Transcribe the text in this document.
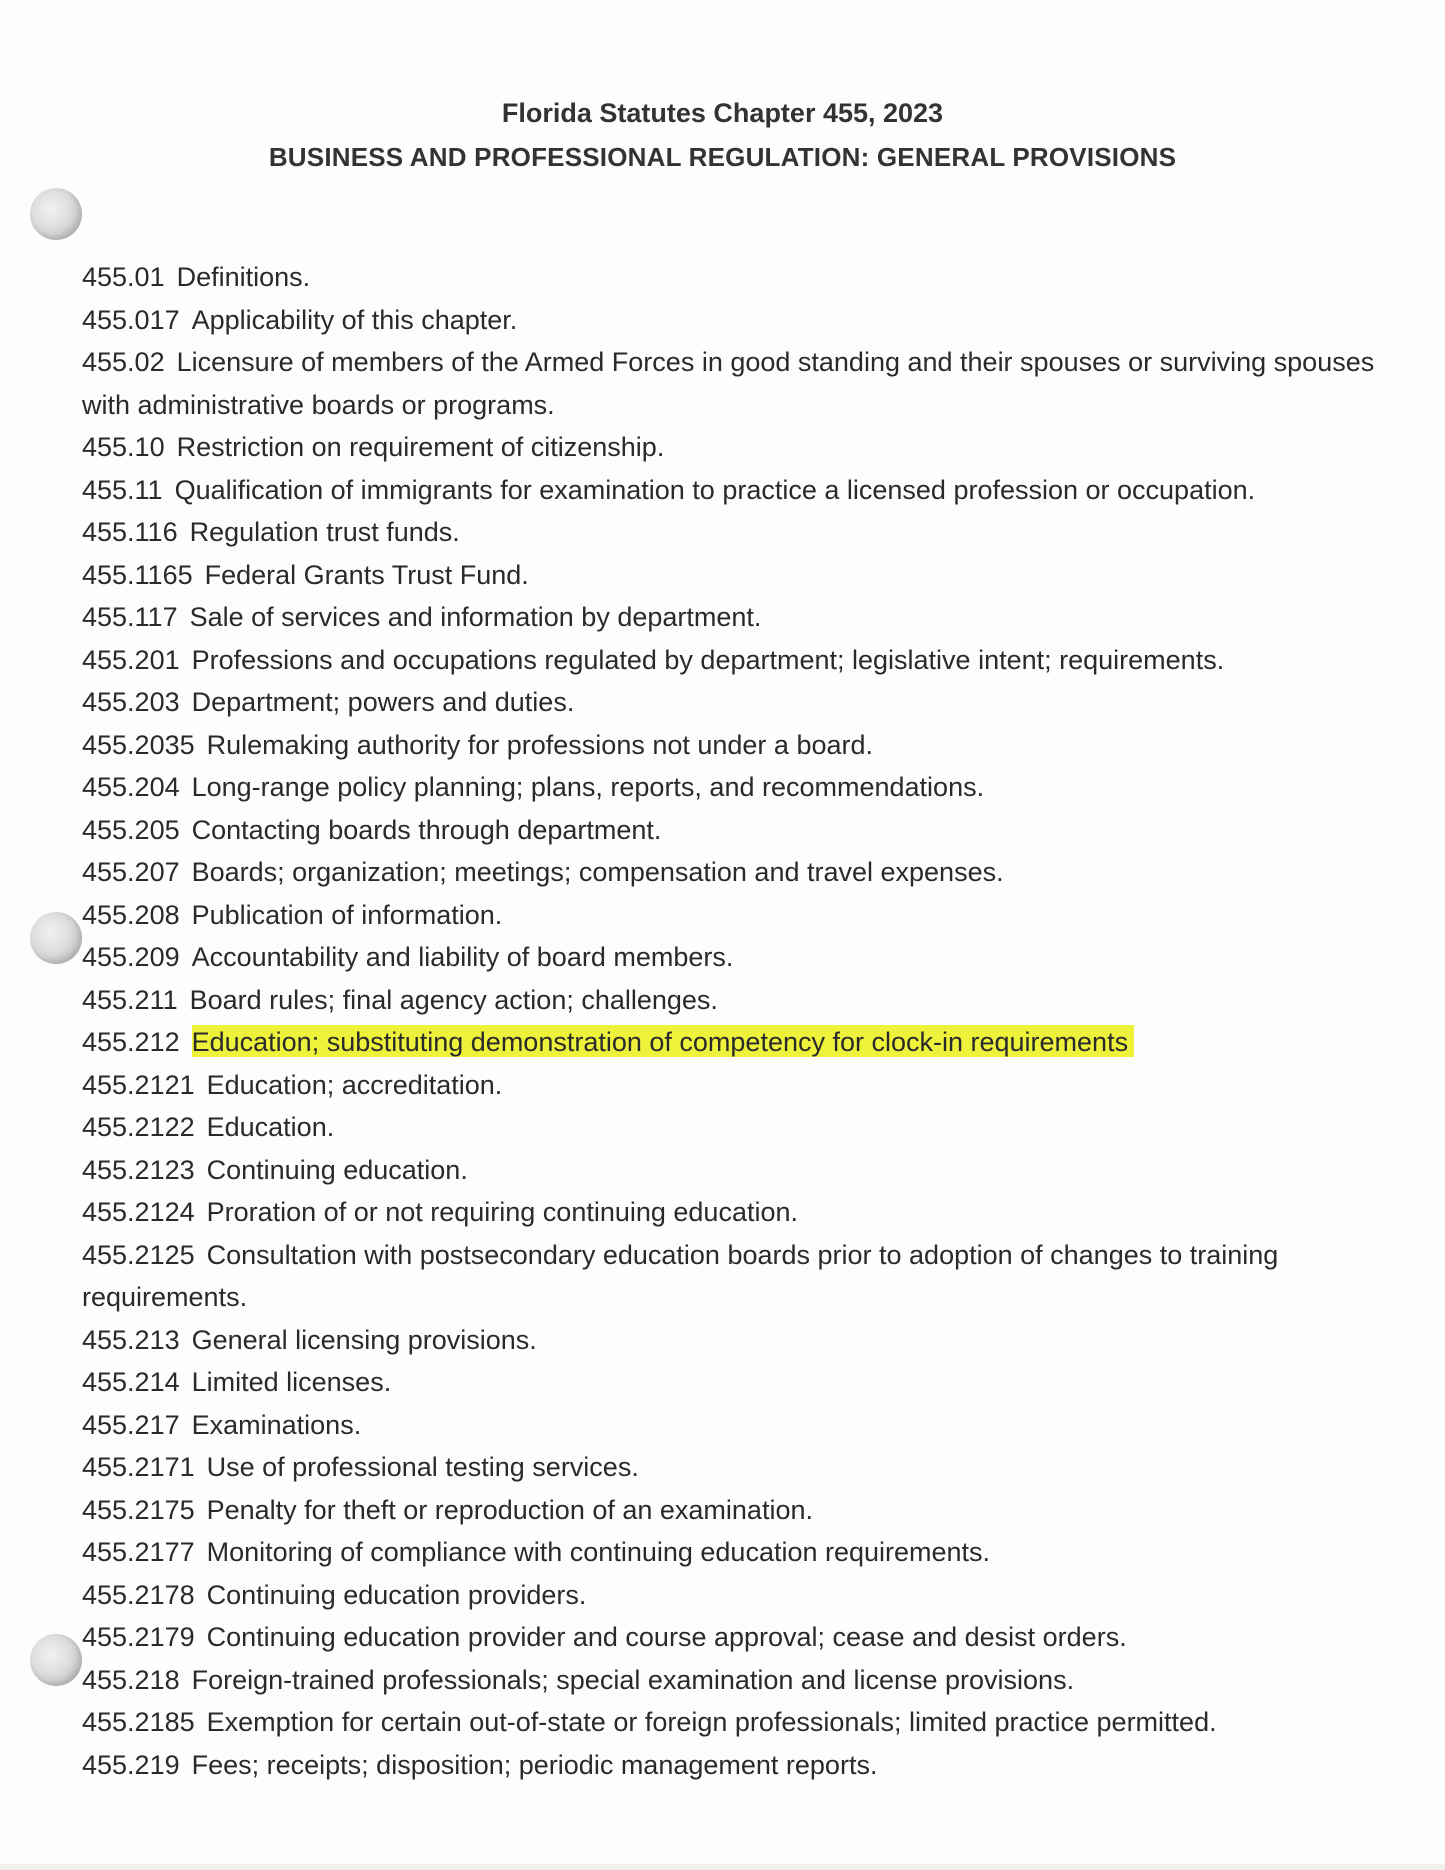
Florida Statutes Chapter 455, 2023
BUSINESS AND PROFESSIONAL REGULATION: GENERAL PROVISIONS
455.01 Definitions.
455.017 Applicability of this chapter.
455.02 Licensure of members of the Armed Forces in good standing and their spouses or surviving spouses with administrative boards or programs.
455.10 Restriction on requirement of citizenship.
455.11 Qualification of immigrants for examination to practice a licensed profession or occupation.
455.116 Regulation trust funds.
455.1165 Federal Grants Trust Fund.
455.117 Sale of services and information by department.
455.201 Professions and occupations regulated by department; legislative intent; requirements.
455.203 Department; powers and duties.
455.2035 Rulemaking authority for professions not under a board.
455.204 Long-range policy planning; plans, reports, and recommendations.
455.205 Contacting boards through department.
455.207 Boards; organization; meetings; compensation and travel expenses.
455.208 Publication of information.
455.209 Accountability and liability of board members.
455.211 Board rules; final agency action; challenges.
455.212 Education; substituting demonstration of competency for clock-in requirements
455.2121 Education; accreditation.
455.2122 Education.
455.2123 Continuing education.
455.2124 Proration of or not requiring continuing education.
455.2125 Consultation with postsecondary education boards prior to adoption of changes to training requirements.
455.213 General licensing provisions.
455.214 Limited licenses.
455.217 Examinations.
455.2171 Use of professional testing services.
455.2175 Penalty for theft or reproduction of an examination.
455.2177 Monitoring of compliance with continuing education requirements.
455.2178 Continuing education providers.
455.2179 Continuing education provider and course approval; cease and desist orders.
455.218 Foreign-trained professionals; special examination and license provisions.
455.2185 Exemption for certain out-of-state or foreign professionals; limited practice permitted.
455.219 Fees; receipts; disposition; periodic management reports.
